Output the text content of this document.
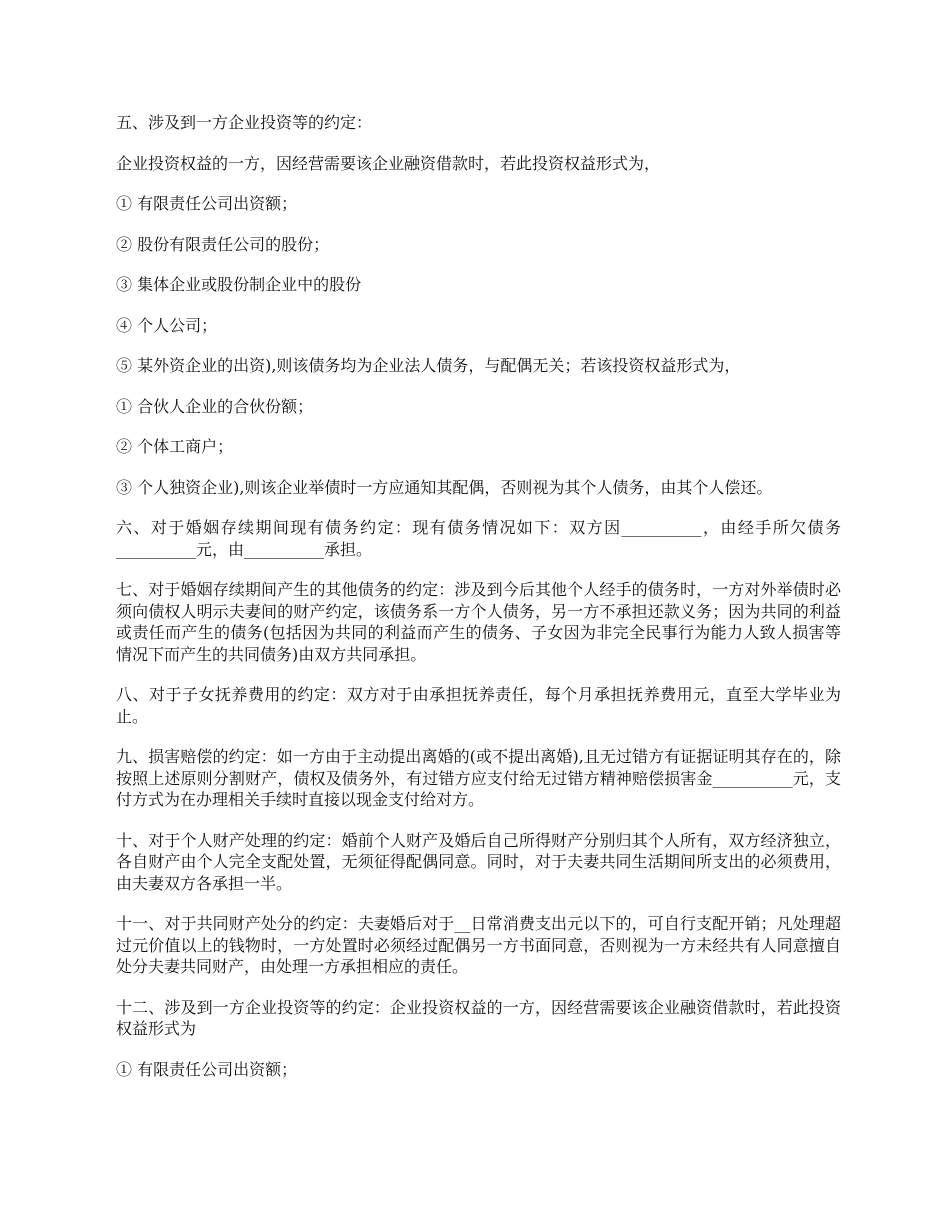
五、涉及到一方企业投资等的约定：

企业投资权益的一方，因经营需要该企业融资借款时，若此投资权益形式为，

① 有限责任公司出资额；

② 股份有限责任公司的股份；

③ 集体企业或股份制企业中的股份

④ 个人公司；

⑤ 某外资企业的出资),则该债务均为企业法人债务，与配偶无关；若该投资权益形式为，

① 合伙人企业的合伙份额；

② 个体工商户；

③ 个人独资企业),则该企业举债时一方应通知其配偶，否则视为其个人债务，由其个人偿还。

六、对于婚姻存续期间现有债务约定：现有债务情况如下：双方因__________，由经手所欠债务__________元，由__________承担。

七、对于婚姻存续期间产生的其他债务的约定：涉及到今后其他个人经手的债务时，一方对外举债时必须向债权人明示夫妻间的财产约定，该债务系一方个人债务，另一方不承担还款义务；因为共同的利益或责任而产生的债务(包括因为共同的利益而产生的债务、子女因为非完全民事行为能力人致人损害等情况下而产生的共同债务)由双方共同承担。

八、对于子女抚养费用的约定：双方对于由承担抚养责任，每个月承担抚养费用元，直至大学毕业为止。

九、损害赔偿的约定：如一方由于主动提出离婚的(或不提出离婚),且无过错方有证据证明其存在的，除按照上述原则分割财产，债权及债务外，有过错方应支付给无过错方精神赔偿损害金__________元，支付方式为在办理相关手续时直接以现金支付给对方。

十、对于个人财产处理的约定：婚前个人财产及婚后自己所得财产分别归其个人所有，双方经济独立，各自财产由个人完全支配处置，无须征得配偶同意。同时，对于夫妻共同生活期间所支出的必须费用，由夫妻双方各承担一半。

十一、对于共同财产处分的约定：夫妻婚后对于__日常消费支出元以下的，可自行支配开销；凡处理超过元价值以上的钱物时，一方处置时必须经过配偶另一方书面同意，否则视为一方未经共有人同意擅自处分夫妻共同财产，由处理一方承担相应的责任。

十二、涉及到一方企业投资等的约定：企业投资权益的一方，因经营需要该企业融资借款时，若此投资权益形式为

① 有限责任公司出资额；
